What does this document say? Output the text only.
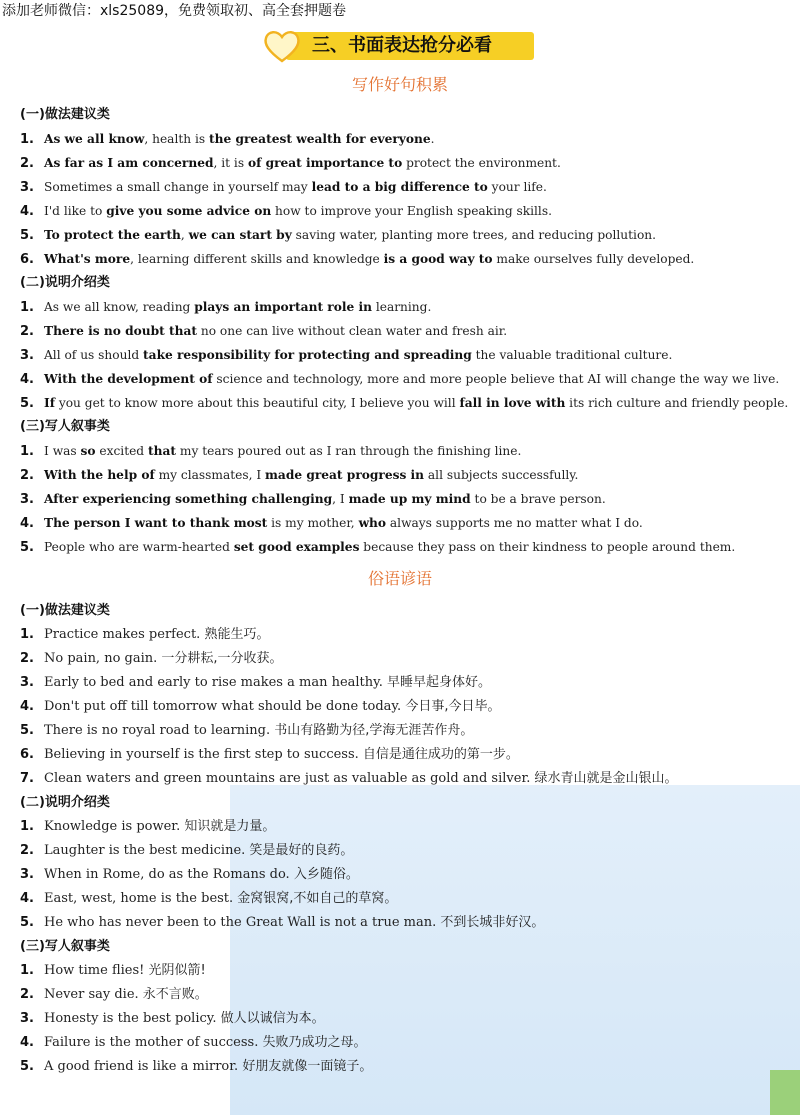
添加老师微信：xls25089，免费领取初、高全套押题卷
三、书面表达抢分必看
写作好句积累
(一)做法建议类
1. As we all know, health is the greatest wealth for everyone.
2. As far as I am concerned, it is of great importance to protect the environment.
3. Sometimes a small change in yourself may lead to a big difference to your life.
4. I'd like to give you some advice on how to improve your English speaking skills.
5. To protect the earth, we can start by saving water, planting more trees, and reducing pollution.
6. What's more, learning different skills and knowledge is a good way to make ourselves fully developed.
(二)说明介绍类
1. As we all know, reading plays an important role in learning.
2. There is no doubt that no one can live without clean water and fresh air.
3. All of us should take responsibility for protecting and spreading the valuable traditional culture.
4. With the development of science and technology, more and more people believe that AI will change the way we live.
5. If you get to know more about this beautiful city, I believe you will fall in love with its rich culture and friendly people.
(三)写人叙事类
1. I was so excited that my tears poured out as I ran through the finishing line.
2. With the help of my classmates, I made great progress in all subjects successfully.
3. After experiencing something challenging, I made up my mind to be a brave person.
4. The person I want to thank most is my mother, who always supports me no matter what I do.
5. People who are warm-hearted set good examples because they pass on their kindness to people around them.
俗语谚语
(一)做法建议类
1. Practice makes perfect. 熟能生巧。
2. No pain, no gain. 一分耕耘,一分收获。
3. Early to bed and early to rise makes a man healthy. 早睡早起身体好。
4. Don't put off till tomorrow what should be done today. 今日事,今日毕。
5. There is no royal road to learning. 书山有路勤为径,学海无涯苦作舟。
6. Believing in yourself is the first step to success. 自信是通往成功的第一步。
7. Clean waters and green mountains are just as valuable as gold and silver. 绿水青山就是金山银山。
(二)说明介绍类
1. Knowledge is power. 知识就是力量。
2. Laughter is the best medicine. 笑是最好的良药。
3. When in Rome, do as the Romans do. 入乡随俗。
4. East, west, home is the best. 金窝银窝,不如自己的草窝。
5. He who has never been to the Great Wall is not a true man. 不到长城非好汉。
(三)写人叙事类
1. How time flies! 光阴似箭!
2. Never say die. 永不言败。
3. Honesty is the best policy. 做人以诚信为本。
4. Failure is the mother of success. 失败乃成功之母。
5. A good friend is like a mirror. 好朋友就像一面镜子。
